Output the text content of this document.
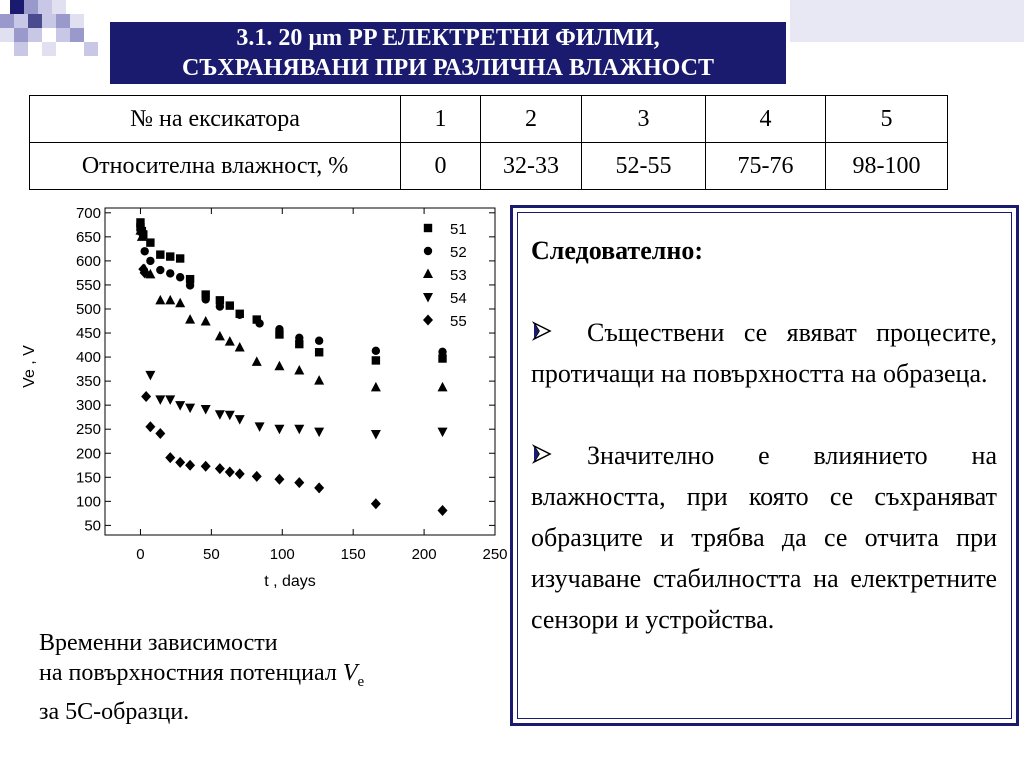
3.1. 20 µm PP ЕЛЕКТРЕТНИ ФИЛМИ,
СЪХРАНЯВАНИ ПРИ РАЗЛИЧНА ВЛАЖНОСТ
№ на ексикатора	1	2	3	4	5
Относителна влажност, %	0	32-33	52-55	75-76	98-100
0	50	100	150	200	250
50
100
150
200
250
300
350
400
450
500
550
600
650
700
t , days
Ve , V
51
52
53
54
55
Временни зависимости
на повърхностния потенциал $V_e$
за 5С-образци.
Следователно:
Съществени се явяват процесите, протичащи на повърхността на образеца.
Значително е влиянието на влажността, при която се съхраняват образците и трябва да се отчита при изучаване стабилността на електретните сензори и устройства.
